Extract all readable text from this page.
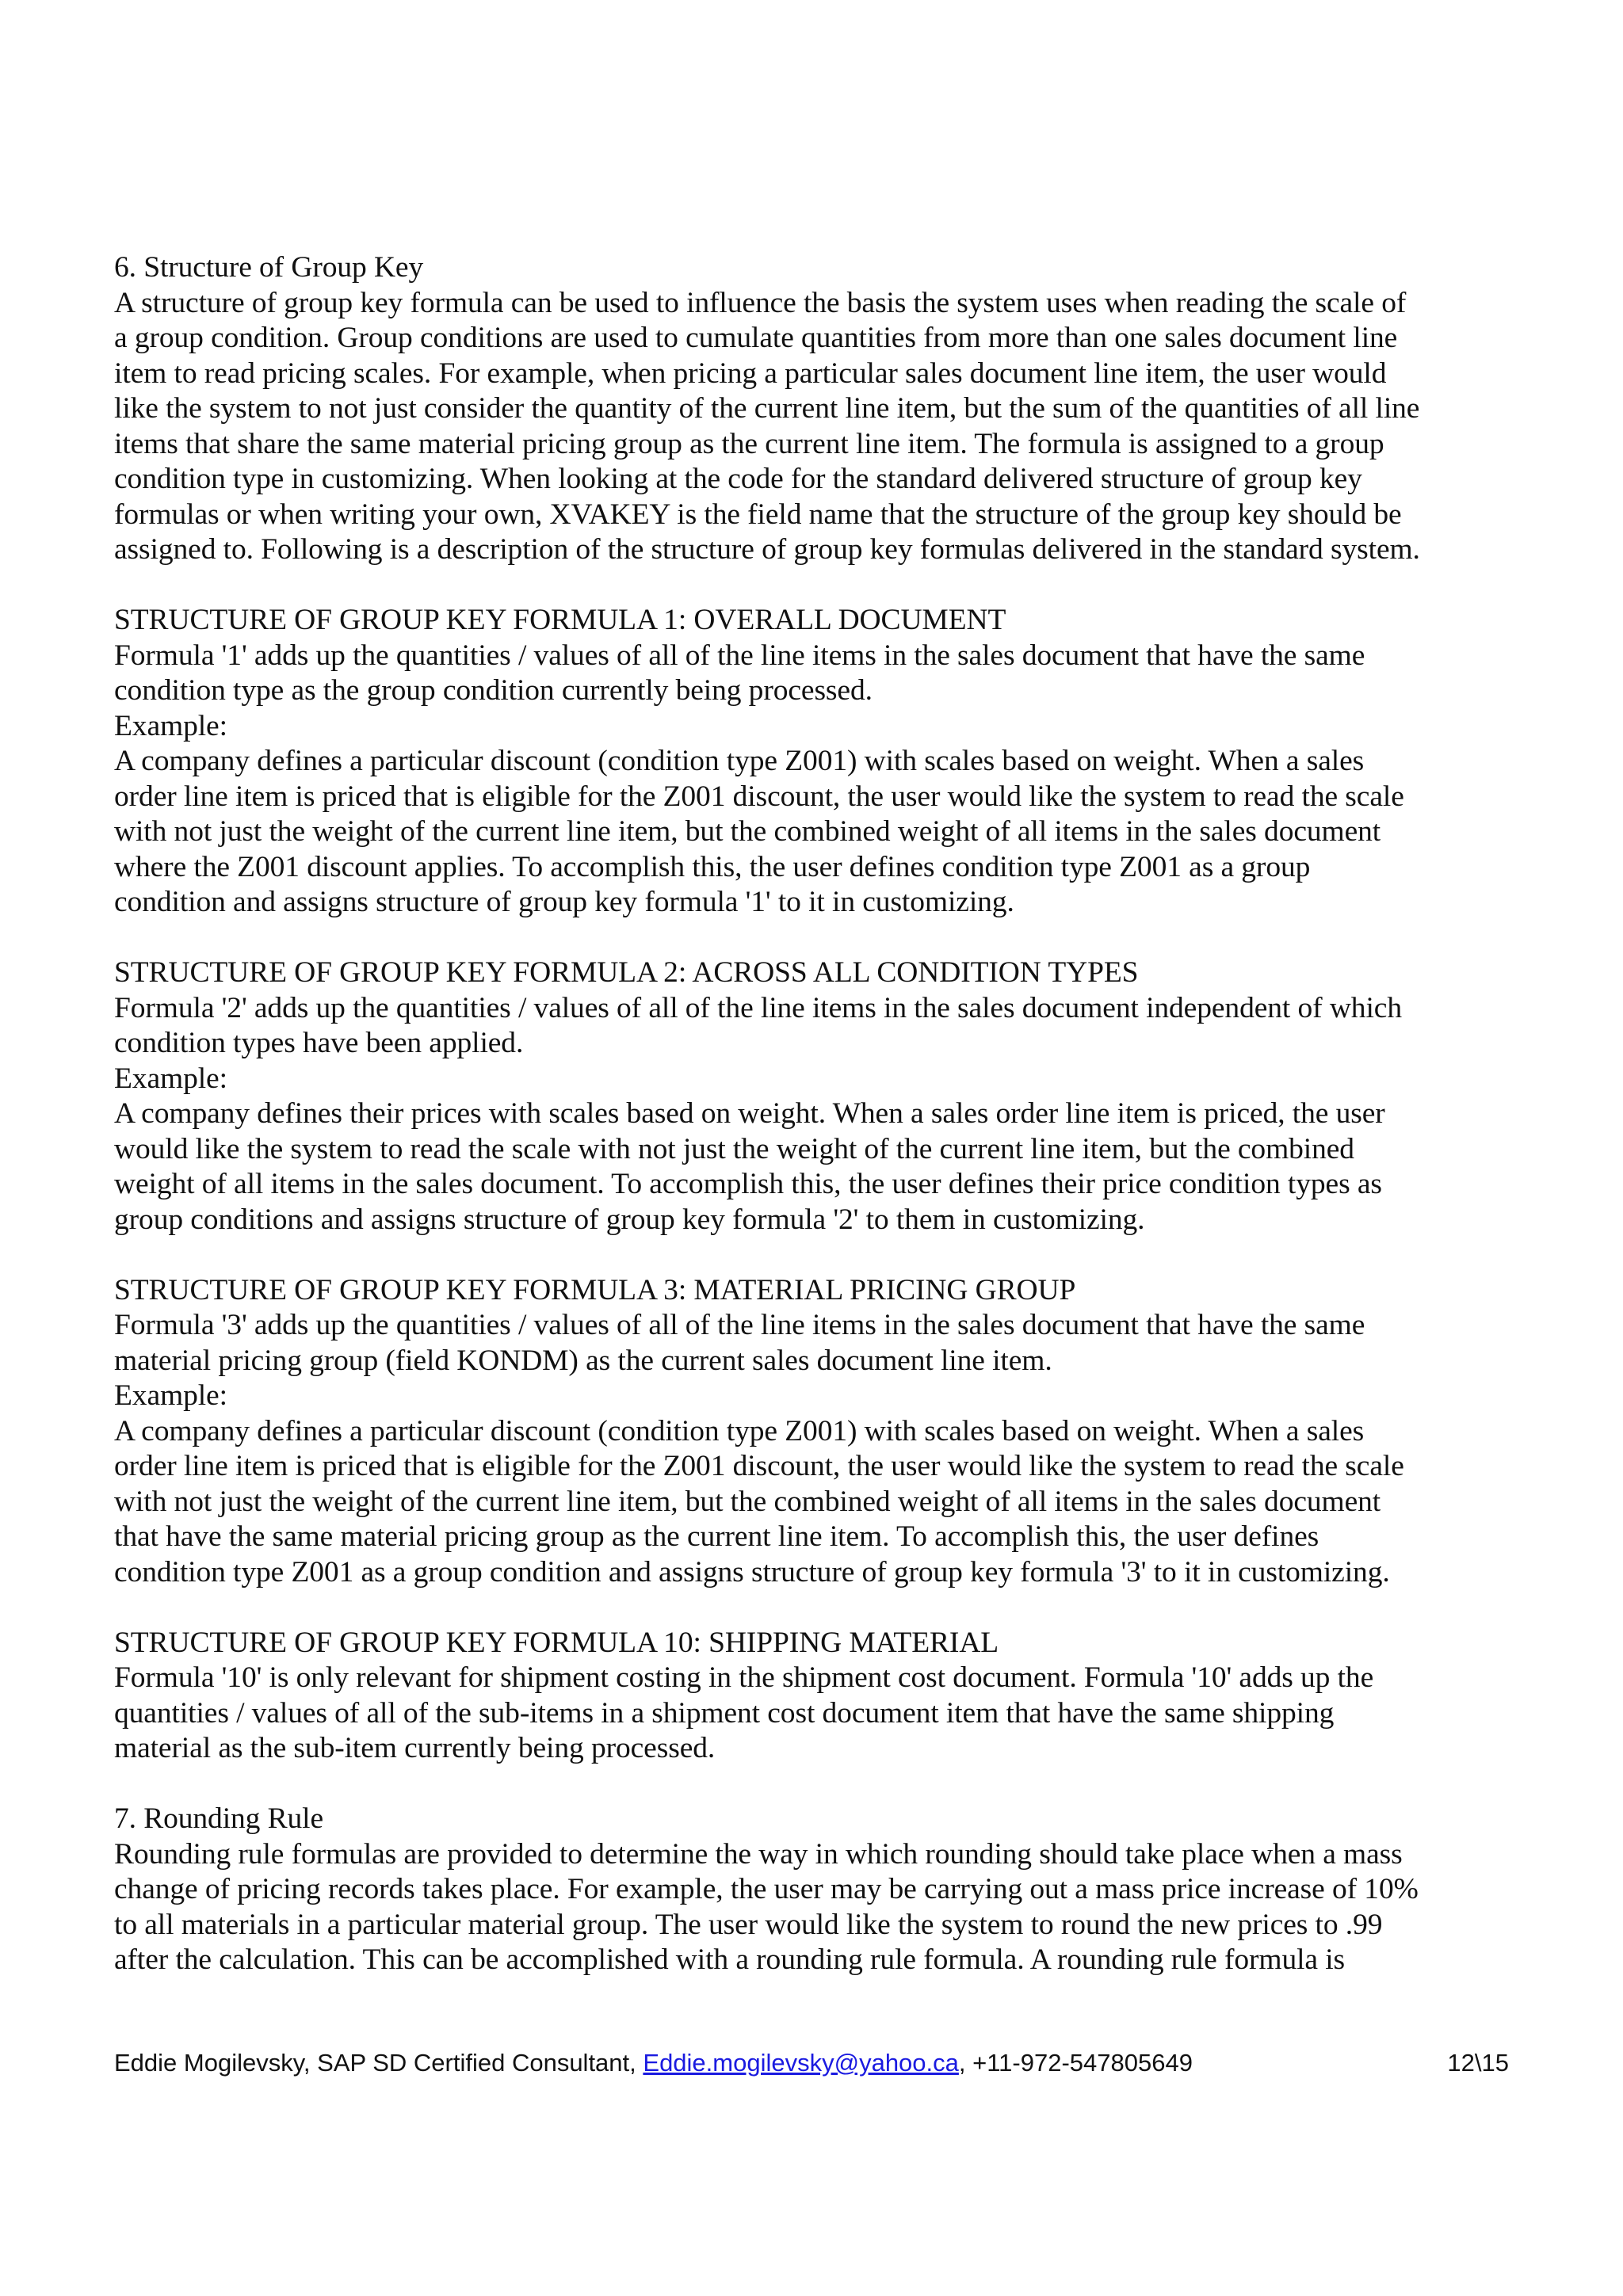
6. Structure of Group Key
A structure of group key formula can be used to influence the basis the system uses when reading the scale of
a group condition. Group conditions are used to cumulate quantities from more than one sales document line
item to read pricing scales. For example, when pricing a particular sales document line item, the user would
like the system to not just consider the quantity of the current line item, but the sum of the quantities of all line
items that share the same material pricing group as the current line item. The formula is assigned to a group
condition type in customizing. When looking at the code for the standard delivered structure of group key
formulas or when writing your own, XVAKEY is the field name that the structure of the group key should be
assigned to. Following is a description of the structure of group key formulas delivered in the standard system.
STRUCTURE OF GROUP KEY FORMULA 1: OVERALL DOCUMENT
Formula '1' adds up the quantities / values of all of the line items in the sales document that have the same
condition type as the group condition currently being processed.
Example:
A company defines a particular discount (condition type Z001) with scales based on weight. When a sales
order line item is priced that is eligible for the Z001 discount, the user would like the system to read the scale
with not just the weight of the current line item, but the combined weight of all items in the sales document
where the Z001 discount applies. To accomplish this, the user defines condition type Z001 as a group
condition and assigns structure of group key formula '1' to it in customizing.
STRUCTURE OF GROUP KEY FORMULA 2: ACROSS ALL CONDITION TYPES
Formula '2' adds up the quantities / values of all of the line items in the sales document independent of which
condition types have been applied.
Example:
A company defines their prices with scales based on weight. When a sales order line item is priced, the user
would like the system to read the scale with not just the weight of the current line item, but the combined
weight of all items in the sales document. To accomplish this, the user defines their price condition types as
group conditions and assigns structure of group key formula '2' to them in customizing.
STRUCTURE OF GROUP KEY FORMULA 3: MATERIAL PRICING GROUP
Formula '3' adds up the quantities / values of all of the line items in the sales document that have the same
material pricing group (field KONDM) as the current sales document line item.
Example:
A company defines a particular discount (condition type Z001) with scales based on weight. When a sales
order line item is priced that is eligible for the Z001 discount, the user would like the system to read the scale
with not just the weight of the current line item, but the combined weight of all items in the sales document
that have the same material pricing group as the current line item. To accomplish this, the user defines
condition type Z001 as a group condition and assigns structure of group key formula '3' to it in customizing.
STRUCTURE OF GROUP KEY FORMULA 10: SHIPPING MATERIAL
Formula '10' is only relevant for shipment costing in the shipment cost document. Formula '10' adds up the
quantities / values of all of the sub-items in a shipment cost document item that have the same shipping
material as the sub-item currently being processed.
7. Rounding Rule
Rounding rule formulas are provided to determine the way in which rounding should take place when a mass
change of pricing records takes place. For example, the user may be carrying out a mass price increase of 10%
to all materials in a particular material group. The user would like the system to round the new prices to .99
after the calculation. This can be accomplished with a rounding rule formula. A rounding rule formula is
Eddie Mogilevsky, SAP SD Certified Consultant, Eddie.mogilevsky@yahoo.ca, +11-972-547805649	12\15
